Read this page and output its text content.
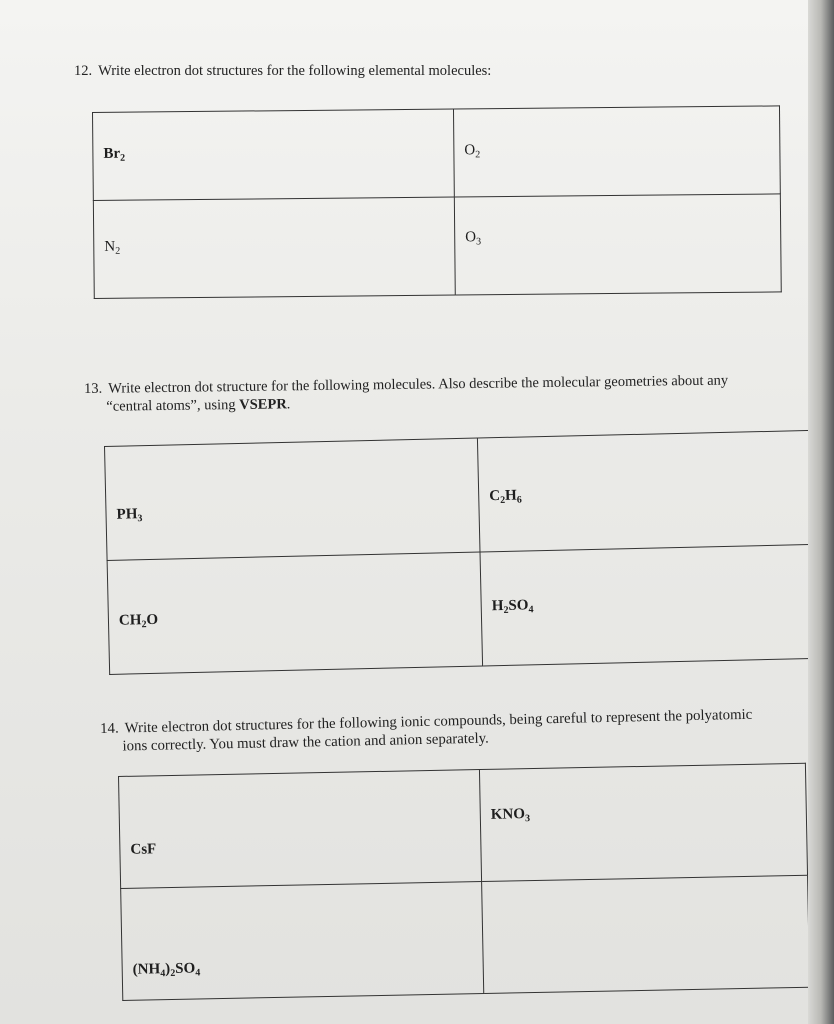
12. Write electron dot structures for the following elemental molecules:

$Br_2$	$O_2$
$N_2$	$O_3$

13. Write electron dot structure for the following molecules. Also describe the molecular geometries about any
“central atoms”, using VSEPR.

$PH_3$	$C_2H_6$
$CH_2O$	$H_2SO_4$

14. Write electron dot structures for the following ionic compounds, being careful to represent the polyatomic
ions correctly. You must draw the cation and anion separately.

CsF	$KNO_3$
$(NH_4)_2SO_4$	
